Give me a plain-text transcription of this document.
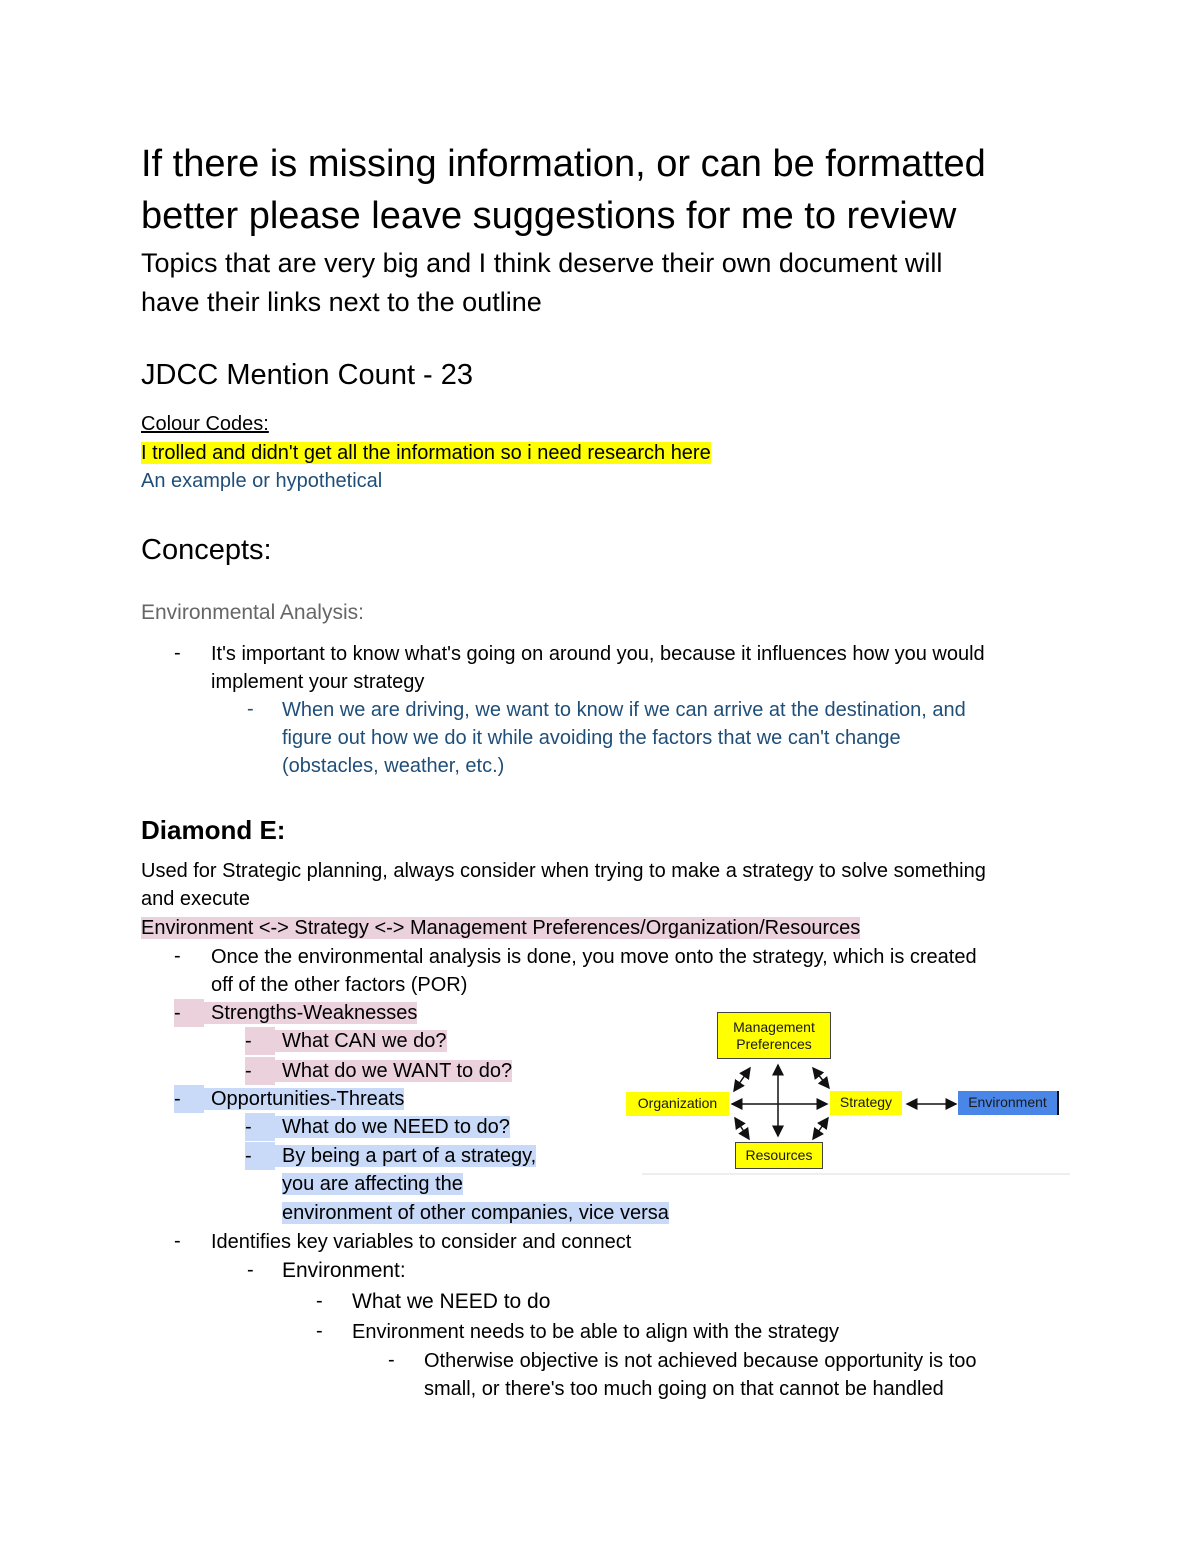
If there is missing information, or can be formatted
better please leave suggestions for me to review
Topics that are very big and I think deserve their own document will
have their links next to the outline
JDCC Mention Count - 23
Colour Codes:
I trolled and didn't get all the information so i need research here
An example or hypothetical
Concepts:
Environmental Analysis:
- It's important to know what's going on around you, because it influences how you would
implement your strategy
- When we are driving, we want to know if we can arrive at the destination, and
figure out how we do it while avoiding the factors that we can't change
(obstacles, weather, etc.)
Diamond E:
Used for Strategic planning, always consider when trying to make a strategy to solve something
and execute
Environment <-> Strategy <-> Management Preferences/Organization/Resources
- Once the environmental analysis is done, you move onto the strategy, which is created
off of the other factors (POR)
-	Strengths-Weaknesses
-	What CAN we do?
-	What do we WANT to do?
-	Opportunities-Threats
-	What do we NEED to do?
-	By being a part of a strategy,
you are affecting the
environment of other companies, vice versa
- Identifies key variables to consider and connect
- Environment:
- What we NEED to do
- Environment needs to be able to align with the strategy
- Otherwise objective is not achieved because opportunity is too
small, or there's too much going on that cannot be handled
Management
Preferences
Organization	Strategy	Environment
Resources
